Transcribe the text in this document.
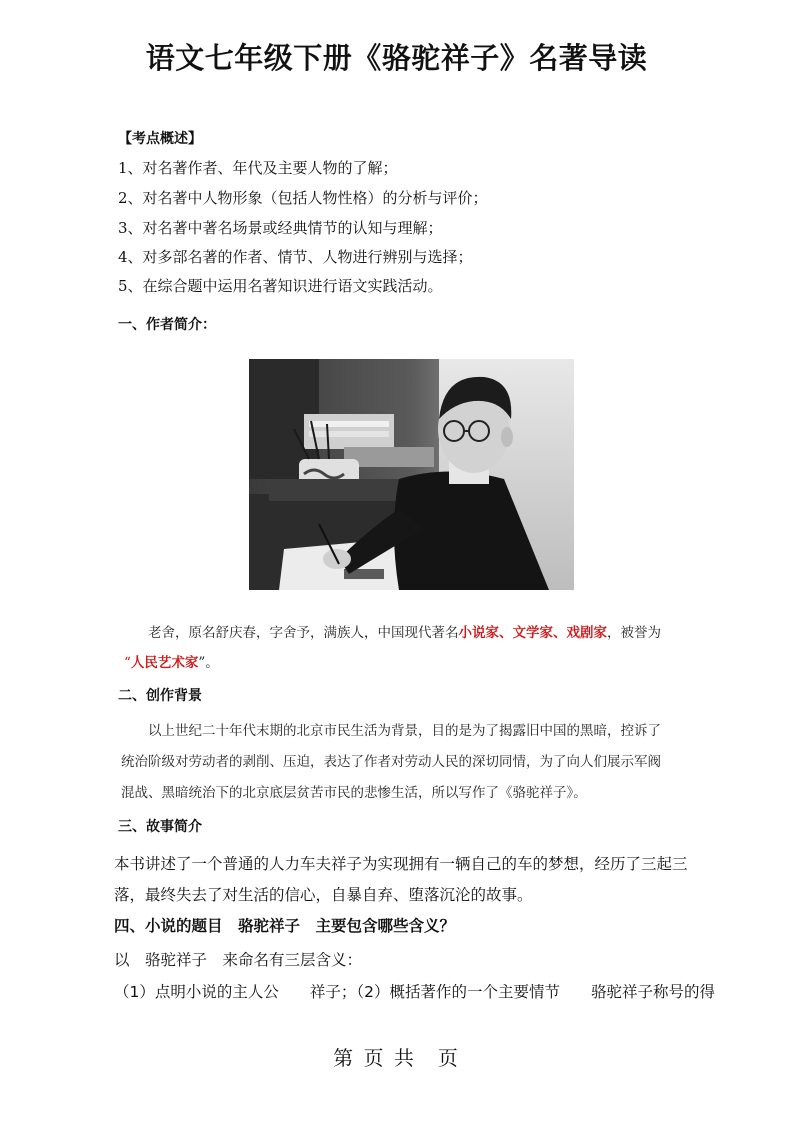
语文七年级下册《骆驼祥子》名著导读
【考点概述】
1、对名著作者、年代及主要人物的了解；
2、对名著中人物形象（包括人物性格）的分析与评价；
3、对名著中著名场景或经典情节的认知与理解；
4、对多部名著的作者、情节、人物进行辨别与选择；
5、在综合题中运用名著知识进行语文实践活动。
一、作者简介：
老舍，原名舒庆春，字舍予，满族人，中国现代著名小说家、文学家、戏剧家，被誉为
“人民艺术家”。
二、创作背景
以上世纪二十年代末期的北京市民生活为背景，目的是为了揭露旧中国的黑暗，控诉了
统治阶级对劳动者的剥削、压迫，表达了作者对劳动人民的深切同情，为了向人们展示军阀
混战、黑暗统治下的北京底层贫苦市民的悲惨生活，所以写作了《骆驼祥子》。
三、故事简介
本书讲述了一个普通的人力车夫祥子为实现拥有一辆自己的车的梦想，经历了三起三
落，最终失去了对生活的信心，自暴自弃、堕落沉沦的故事。
四、小说的题目　骆驼祥子　主要包含哪些含义？
以　骆驼祥子　来命名有三层含义：
（1）点明小说的主人公　　祥子；（2）概括著作的一个主要情节　　骆驼祥子称号的得
第 页 共　页
